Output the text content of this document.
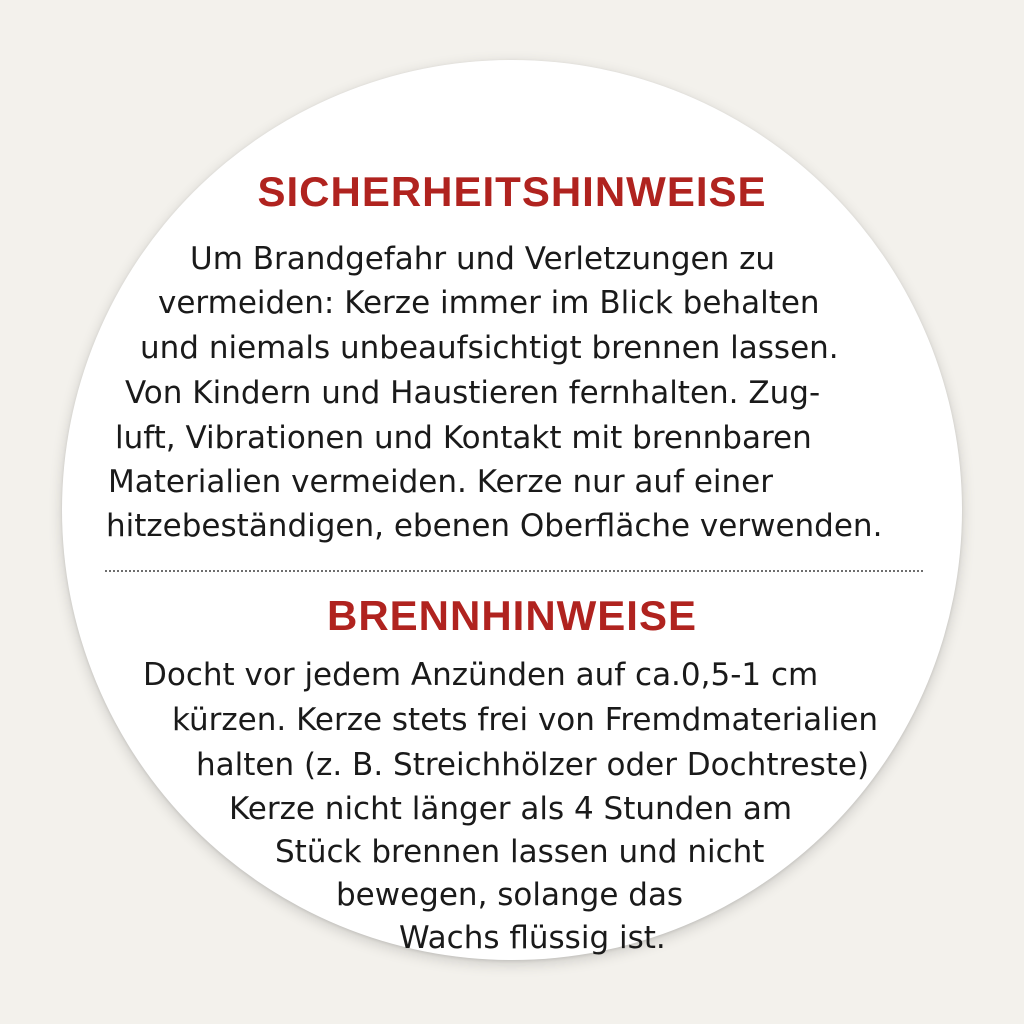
SICHERHEITSHINWEISE
Um Brandgefahr und Verletzungen zu
vermeiden: Kerze immer im Blick behalten
und niemals unbeaufsichtigt brennen lassen.
Von Kindern und Haustieren fernhalten. Zug-
luft, Vibrationen und Kontakt mit brennbaren
Materialien vermeiden. Kerze nur auf einer
hitzebeständigen, ebenen Oberfläche verwenden.
BRENNHINWEISE
Docht vor jedem Anzünden auf ca.0,5-1 cm
kürzen. Kerze stets frei von Fremdmaterialien
halten (z. B. Streichhölzer oder Dochtreste)
Kerze nicht länger als 4 Stunden am
Stück brennen lassen und nicht
bewegen, solange das
Wachs flüssig ist.
